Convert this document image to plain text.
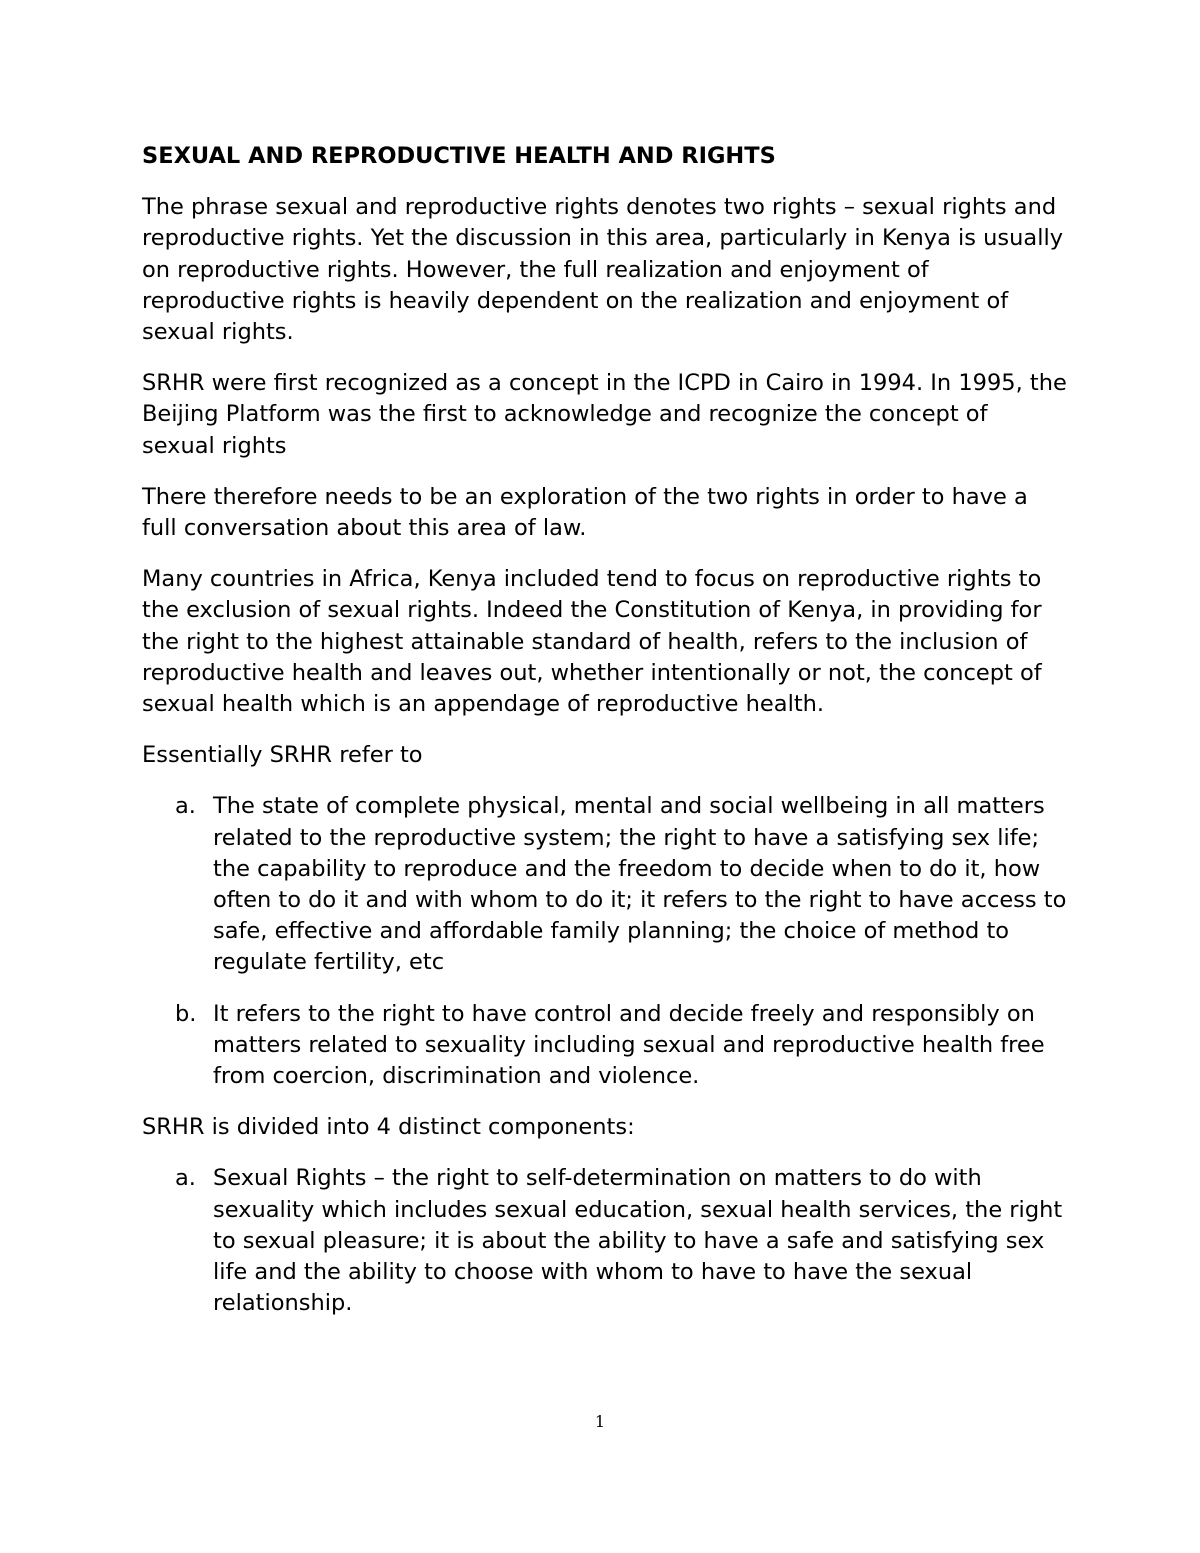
SEXUAL AND REPRODUCTIVE HEALTH AND RIGHTS

The phrase sexual and reproductive rights denotes two rights – sexual rights and reproductive rights. Yet the discussion in this area, particularly in Kenya is usually on reproductive rights. However, the full realization and enjoyment of reproductive rights is heavily dependent on the realization and enjoyment of sexual rights.

SRHR were first recognized as a concept in the ICPD in Cairo in 1994. In 1995, the Beijing Platform was the first to acknowledge and recognize the concept of sexual rights

There therefore needs to be an exploration of the two rights in order to have a full conversation about this area of law.

Many countries in Africa, Kenya included tend to focus on reproductive rights to the exclusion of sexual rights. Indeed the Constitution of Kenya, in providing for the right to the highest attainable standard of health, refers to the inclusion of reproductive health and leaves out, whether intentionally or not, the concept of sexual health which is an appendage of reproductive health.

Essentially SRHR refer to

a. The state of complete physical, mental and social wellbeing in all matters related to the reproductive system; the right to have a satisfying sex life; the capability to reproduce and the freedom to decide when to do it, how often to do it and with whom to do it; it refers to the right to have access to safe, effective and affordable family planning; the choice of method to regulate fertility, etc
b. It refers to the right to have control and decide freely and responsibly on matters related to sexuality including sexual and reproductive health free from coercion, discrimination and violence.

SRHR is divided into 4 distinct components:

a. Sexual Rights – the right to self-determination on matters to do with sexuality which includes sexual education, sexual health services, the right to sexual pleasure; it is about the ability to have a safe and satisfying sex life and the ability to choose with whom to have to have the sexual relationship.
1
